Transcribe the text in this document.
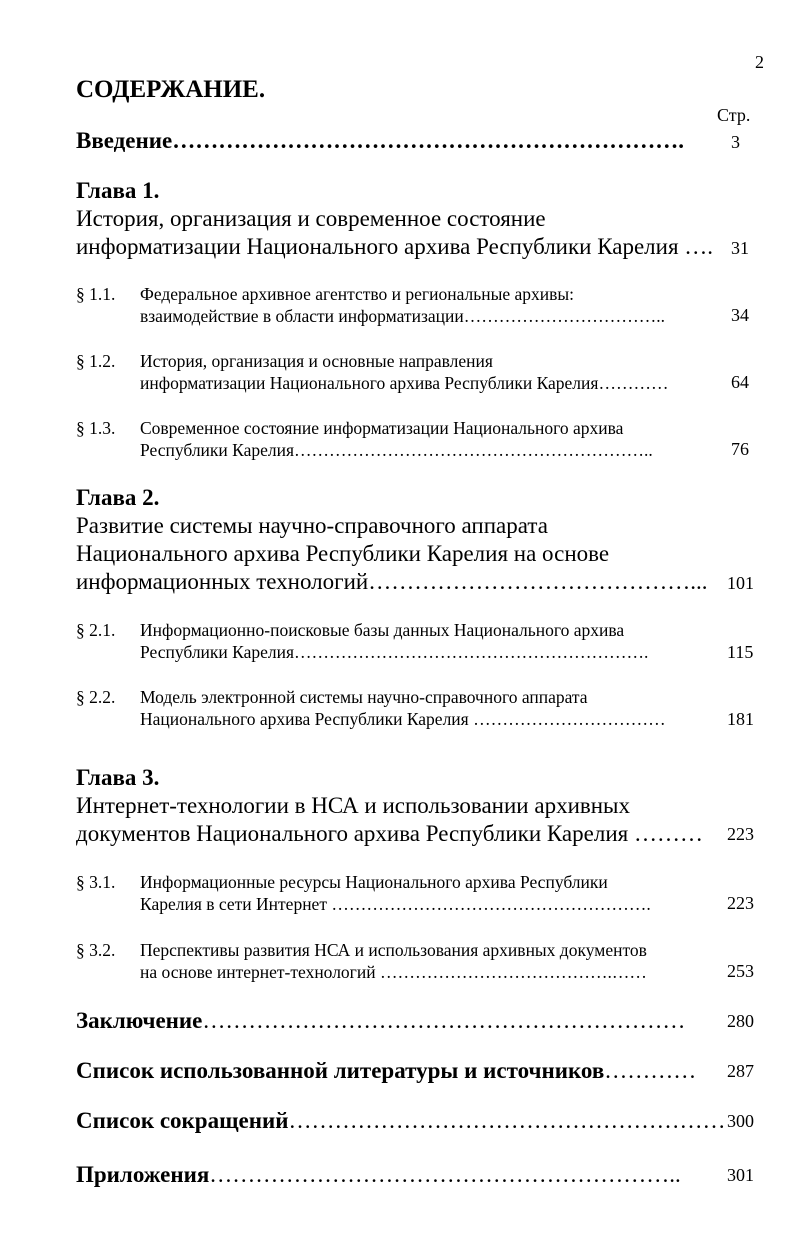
2
СОДЕРЖАНИЕ.
Стр.
Введение………………………………………………………….	3
Глава 1.
История, организация и современное состояние
информатизации Национального архива Республики Карелия …. 31
§ 1.1. Федеральное архивное агентство и региональные архивы:
взаимодействие в области информатизации……………………………..	34
§ 1.2. История, организация и основные направления
информатизации Национального архива Республики Карелия…………	64
§ 1.3. Современное состояние информатизации Национального архива
Республики Карелия……………………………………………………..	76
Глава 2.
Развитие системы научно-справочного аппарата
Национального архива Республики Карелия на основе
информационных технологий……………………………………... 101
§ 2.1. Информационно-поисковые базы данных Национального архива
Республики Карелия…………………………………………………….	115
§ 2.2. Модель электронной системы научно-справочного аппарата
Национального архива Республики Карелия ……………………………	181
Глава 3.
Интернет-технологии в НСА и использовании архивных
документов Национального архива Республики Карелия ……… 223
§ 3.1. Информационные ресурсы Национального архива Республики
Карелия в сети Интернет ……………………………………………….	223
§ 3.2. Перспективы развития НСА и использования архивных документов
на основе интернет-технологий ………………………………….……	253
Заключение……………………………………………………… 280
Список использованной литературы и источников………… 287
Список сокращений………………………………………………… 300
Приложения……………………………………………………..	301
